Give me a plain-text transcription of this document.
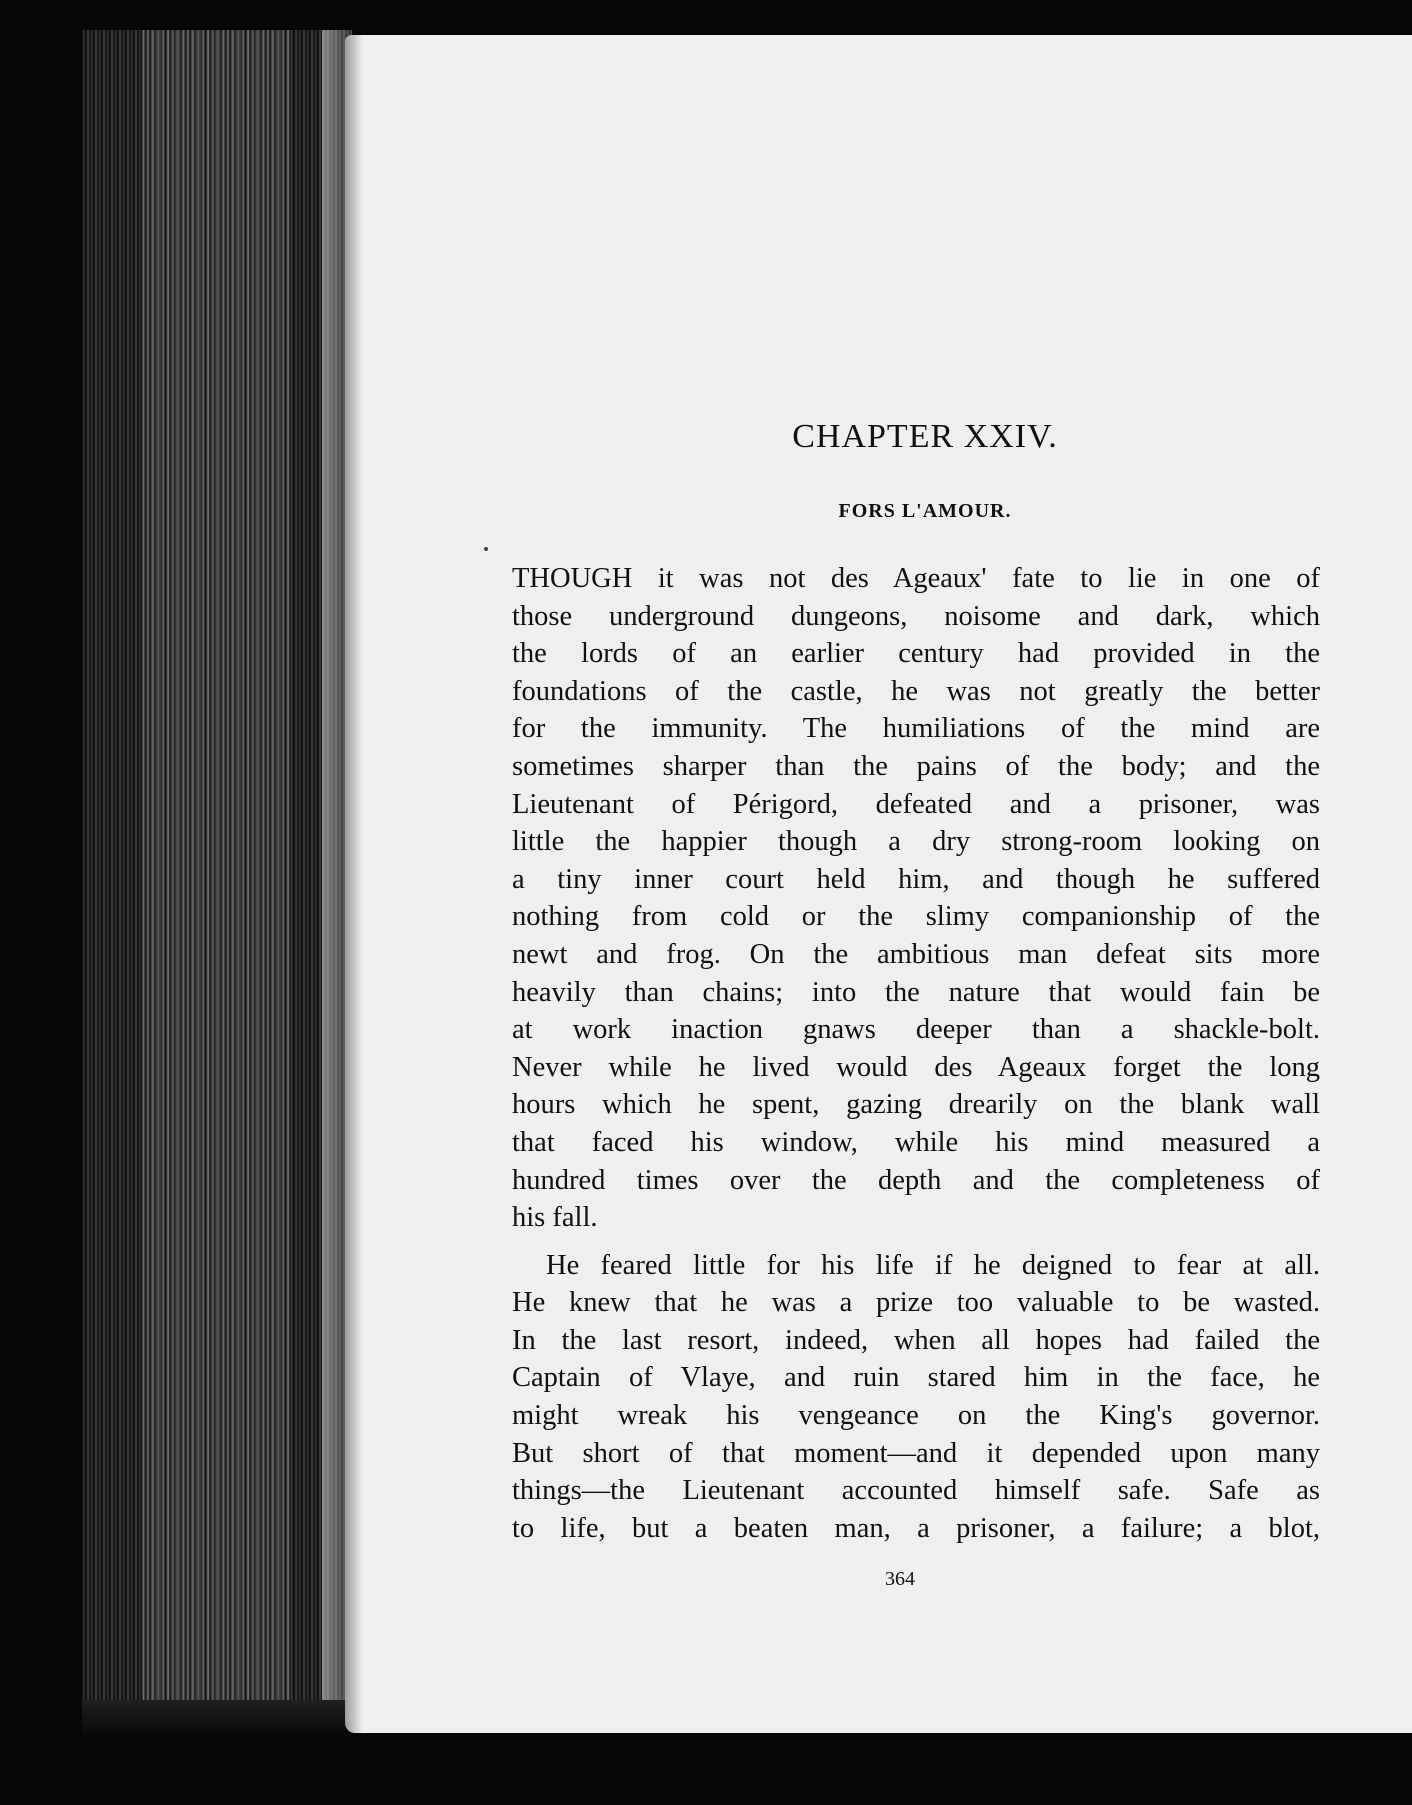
CHAPTER XXIV.
FORS L'AMOUR.
THOUGH it was not des Ageaux' fate to lie in one of
those underground dungeons, noisome and dark, which
the lords of an earlier century had provided in the
foundations of the castle, he was not greatly the better
for the immunity. The humiliations of the mind are
sometimes sharper than the pains of the body; and the
Lieutenant of Périgord, defeated and a prisoner, was
little the happier though a dry strong-room looking on
a tiny inner court held him, and though he suffered
nothing from cold or the slimy companionship of the
newt and frog. On the ambitious man defeat sits more
heavily than chains; into the nature that would fain be
at work inaction gnaws deeper than a shackle-bolt.
Never while he lived would des Ageaux forget the long
hours which he spent, gazing drearily on the blank wall
that faced his window, while his mind measured a
hundred times over the depth and the completeness of
his fall.
He feared little for his life if he deigned to fear at all.
He knew that he was a prize too valuable to be wasted.
In the last resort, indeed, when all hopes had failed the
Captain of Vlaye, and ruin stared him in the face, he
might wreak his vengeance on the King's governor.
But short of that moment—and it depended upon many
things—the Lieutenant accounted himself safe. Safe as
to life, but a beaten man, a prisoner, a failure; a blot,
364
